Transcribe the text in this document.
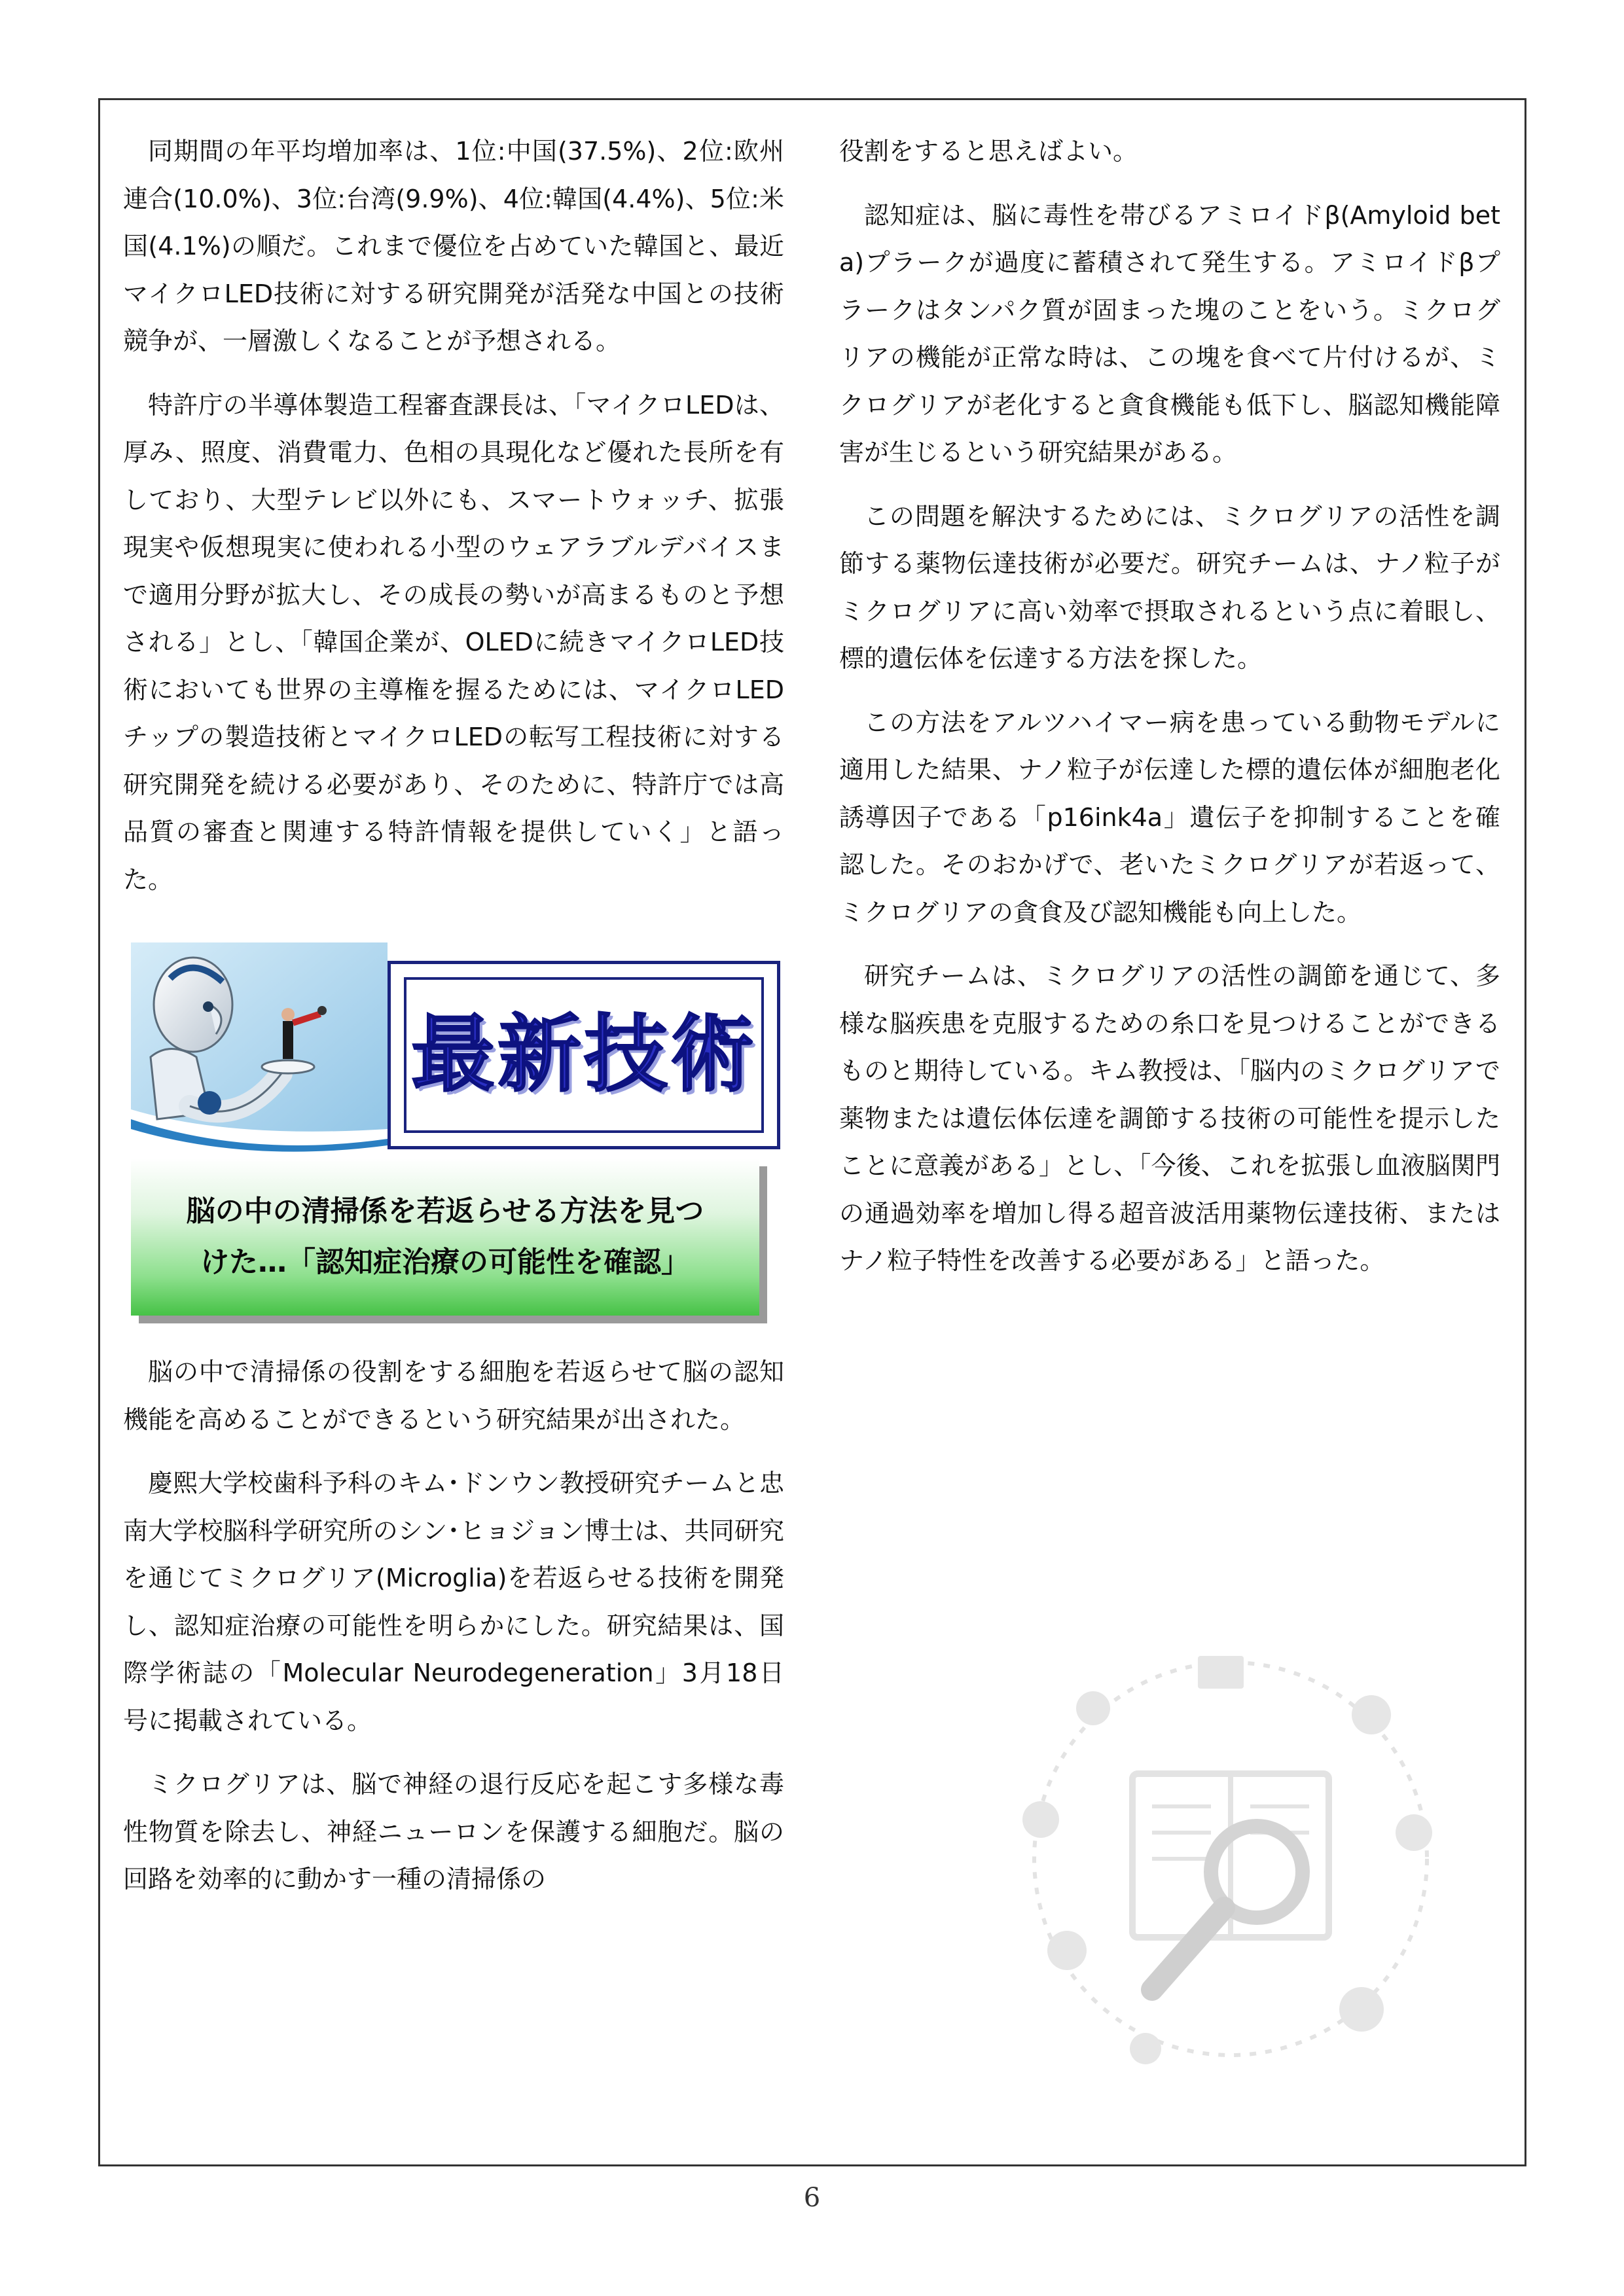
同期間の年平均増加率は、1位:中国(37.5%)、2位:欧州連合(10.0%)、3位:台湾(9.9%)、4位:韓国(4.4%)、5位:米国(4.1%)の順だ。これまで優位を占めていた韓国と、最近マイクロLED技術に対する研究開発が活発な中国との技術競争が、一層激しくなることが予想される。

特許庁の半導体製造工程審査課長は、「マイクロLEDは、厚み、照度、消費電力、色相の具現化など優れた長所を有しており、大型テレビ以外にも、スマートウォッチ、拡張現実や仮想現実に使われる小型のウェアラブルデバイスまで適用分野が拡大し、その成長の勢いが高まるものと予想される」とし、「韓国企業が、OLEDに続きマイクロLED技術においても世界の主導権を握るためには、マイクロLEDチップの製造技術とマイクロLEDの転写工程技術に対する研究開発を続ける必要があり、そのために、特許庁では高品質の審査と関連する特許情報を提供していく」と語った。

最新技術
脳の中の清掃係を若返らせる方法を見つ
けた…「認知症治療の可能性を確認」

脳の中で清掃係の役割をする細胞を若返らせて脳の認知機能を高めることができるという研究結果が出された。

慶熙大学校歯科予科のキム･ドンウン教授研究チームと忠南大学校脳科学研究所のシン･ヒョジョン博士は、共同研究を通じてミクログリア(Microglia)を若返らせる技術を開発し、認知症治療の可能性を明らかにした。研究結果は、国際学術誌の「Molecular Neurodegeneration」3月18日号に掲載されている。

ミクログリアは、脳で神経の退行反応を起こす多様な毒性物質を除去し、神経ニューロンを保護する細胞だ。脳の回路を効率的に動かす一種の清掃係の

役割をすると思えばよい。

認知症は、脳に毒性を帯びるアミロイドβ(Amyloid beta)プラークが過度に蓄積されて発生する。アミロイドβプラークはタンパク質が固まった塊のことをいう。ミクログリアの機能が正常な時は、この塊を食べて片付けるが、ミクログリアが老化すると貪食機能も低下し、脳認知機能障害が生じるという研究結果がある。

この問題を解決するためには、ミクログリアの活性を調節する薬物伝達技術が必要だ。研究チームは、ナノ粒子がミクログリアに高い効率で摂取されるという点に着眼し、標的遺伝体を伝達する方法を探した。

この方法をアルツハイマー病を患っている動物モデルに適用した結果、ナノ粒子が伝達した標的遺伝体が細胞老化誘導因子である「p16ink4a」遺伝子を抑制することを確認した。そのおかげで、老いたミクログリアが若返って、ミクログリアの貪食及び認知機能も向上した。

研究チームは、ミクログリアの活性の調節を通じて、多様な脳疾患を克服するための糸口を見つけることができるものと期待している。キム教授は、「脳内のミクログリアで薬物または遺伝体伝達を調節する技術の可能性を提示したことに意義がある」とし、「今後、これを拡張し血液脳関門の通過効率を増加し得る超音波活用薬物伝達技術、またはナノ粒子特性を改善する必要がある」と語った。

6
